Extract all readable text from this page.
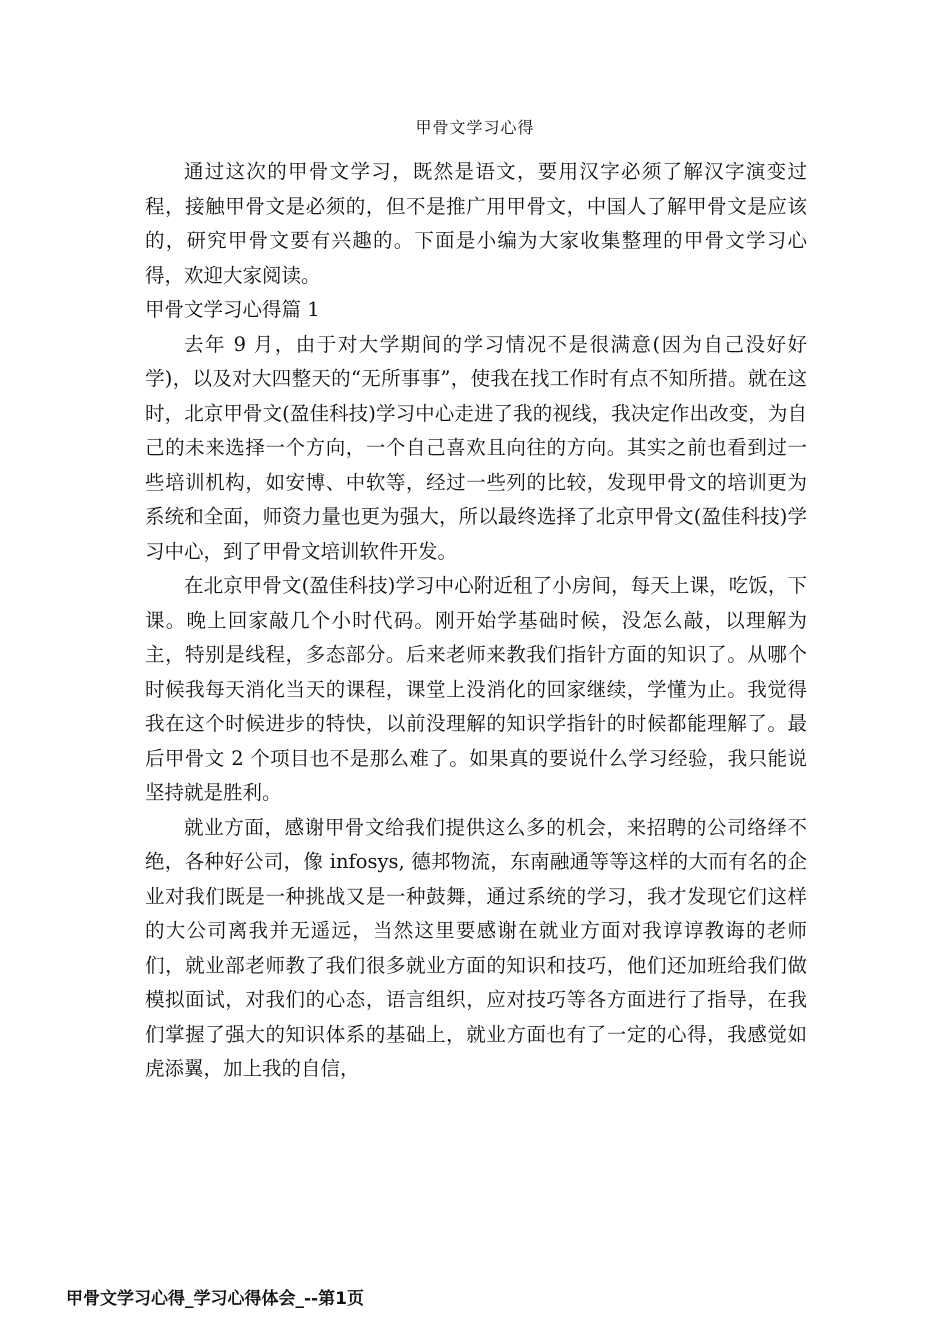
甲骨文学习心得

通过这次的甲骨文学习，既然是语文，要用汉字必须了解汉字演变过程，接触甲骨文是必须的，但不是推广用甲骨文，中国人了解甲骨文是应该的，研究甲骨文要有兴趣的。下面是小编为大家收集整理的甲骨文学习心得，欢迎大家阅读。

甲骨文学习心得篇 1

去年 9 月，由于对大学期间的学习情况不是很满意(因为自己没好好学)，以及对大四整天的“无所事事”，使我在找工作时有点不知所措。就在这时，北京甲骨文(盈佳科技)学习中心走进了我的视线，我决定作出改变，为自己的未来选择一个方向，一个自己喜欢且向往的方向。其实之前也看到过一些培训机构，如安博、中软等，经过一些列的比较，发现甲骨文的培训更为系统和全面，师资力量也更为强大，所以最终选择了北京甲骨文(盈佳科技)学习中心，到了甲骨文培训软件开发。

在北京甲骨文(盈佳科技)学习中心附近租了小房间，每天上课，吃饭，下课。晚上回家敲几个小时代码。刚开始学基础时候，没怎么敲，以理解为主，特别是线程，多态部分。后来老师来教我们指针方面的知识了。从哪个时候我每天消化当天的课程，课堂上没消化的回家继续，学懂为止。我觉得我在这个时候进步的特快，以前没理解的知识学指针的时候都能理解了。最后甲骨文 2 个项目也不是那么难了。如果真的要说什么学习经验，我只能说坚持就是胜利。

就业方面，感谢甲骨文给我们提供这么多的机会，来招聘的公司络绎不绝，各种好公司，像 infosys, 德邦物流，东南融通等等这样的大而有名的企业对我们既是一种挑战又是一种鼓舞，通过系统的学习，我才发现它们这样的大公司离我并无遥远，当然这里要感谢在就业方面对我谆谆教诲的老师们，就业部老师教了我们很多就业方面的知识和技巧，他们还加班给我们做模拟面试，对我们的心态，语言组织，应对技巧等各方面进行了指导，在我们掌握了强大的知识体系的基础上，就业方面也有了一定的心得，我感觉如虎添翼，加上我的自信，

甲骨文学习心得_学习心得体会_--第1页
